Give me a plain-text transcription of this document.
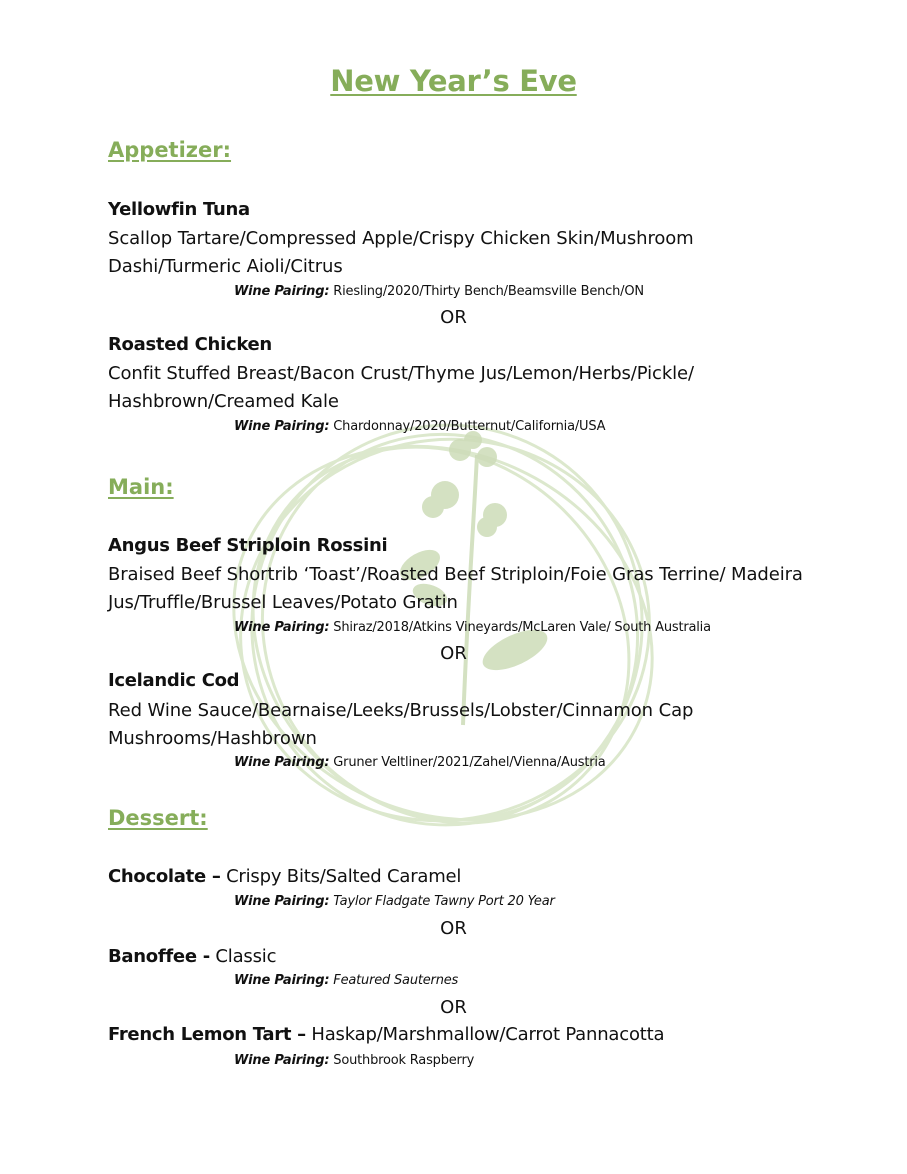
New Year’s Eve
Appetizer:
Yellowfin Tuna
Scallop Tartare/Compressed Apple/Crispy Chicken Skin/Mushroom Dashi/Turmeric Aioli/Citrus
Wine Pairing: Riesling/2020/Thirty Bench/Beamsville Bench/ON
OR
Roasted Chicken
Confit Stuffed Breast/Bacon Crust/Thyme Jus/Lemon/Herbs/Pickle/ Hashbrown/Creamed Kale
Wine Pairing: Chardonnay/2020/Butternut/California/USA
Main:
Angus Beef Striploin Rossini
Braised Beef Shortrib ‘Toast’/Roasted Beef Striploin/Foie Gras Terrine/ Madeira Jus/Truffle/Brussel Leaves/Potato Gratin
Wine Pairing: Shiraz/2018/Atkins Vineyards/McLaren Vale/ South Australia
OR
Icelandic Cod
Red Wine Sauce/Bearnaise/Leeks/Brussels/Lobster/Cinnamon Cap Mushrooms/Hashbrown
Wine Pairing: Gruner Veltliner/2021/Zahel/Vienna/Austria
Dessert:
Chocolate – Crispy Bits/Salted Caramel
Wine Pairing: Taylor Fladgate Tawny Port 20 Year
OR
Banoffee - Classic
Wine Pairing: Featured Sauternes
OR
French Lemon Tart – Haskap/Marshmallow/Carrot Pannacotta
Wine Pairing: Southbrook Raspberry
